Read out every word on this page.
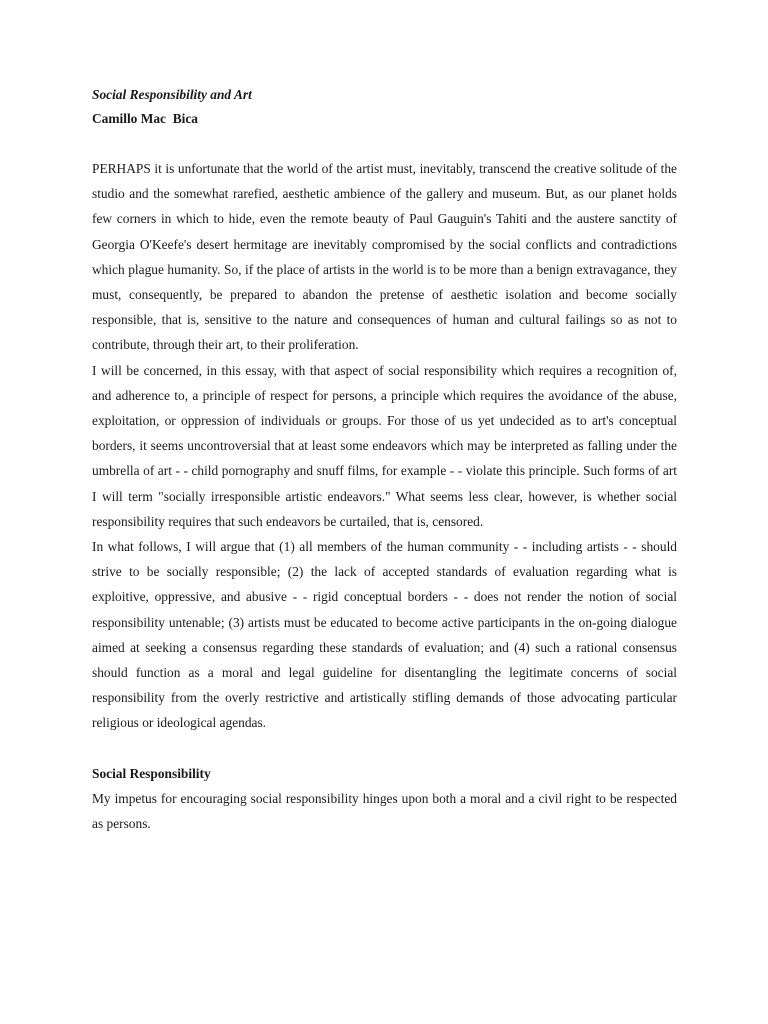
Social Responsibility and Art

Camillo Mac  Bica

PERHAPS it is unfortunate that the world of the artist must, inevitably, transcend the creative solitude of the studio and the somewhat rarefied, aesthetic ambience of the gallery and museum. But, as our planet holds few corners in which to hide, even the remote beauty of Paul Gauguin's Tahiti and the austere sanctity of Georgia O'Keefe's desert hermitage are inevitably compromised by the social conflicts and contradictions which plague humanity. So, if the place of artists in the world is to be more than a benign extravagance, they must, consequently, be prepared to abandon the pretense of aesthetic isolation and become socially responsible, that is, sensitive to the nature and consequences of human and cultural failings so as not to contribute, through their art, to their proliferation.

I will be concerned, in this essay, with that aspect of social responsibility which requires a recognition of, and adherence to, a principle of respect for persons, a principle which requires the avoidance of the abuse, exploitation, or oppression of individuals or groups. For those of us yet undecided as to art's conceptual borders, it seems uncontroversial that at least some endeavors which may be interpreted as falling under the umbrella of art - - child pornography and snuff films, for example - - violate this principle. Such forms of art I will term "socially irresponsible artistic endeavors." What seems less clear, however, is whether social responsibility requires that such endeavors be curtailed, that is, censored.

In what follows, I will argue that (1) all members of the human community - - including artists - - should strive to be socially responsible; (2) the lack of accepted standards of evaluation regarding what is exploitive, oppressive, and abusive - - rigid conceptual borders - - does not render the notion of social responsibility untenable; (3) artists must be educated to become active participants in the on-going dialogue aimed at seeking a consensus regarding these standards of evaluation; and (4) such a rational consensus should function as a moral and legal guideline for disentangling the legitimate concerns of social responsibility from the overly restrictive and artistically stifling demands of those advocating particular religious or ideological agendas.

Social Responsibility

My impetus for encouraging social responsibility hinges upon both a moral and a civil right to be respected as persons.
